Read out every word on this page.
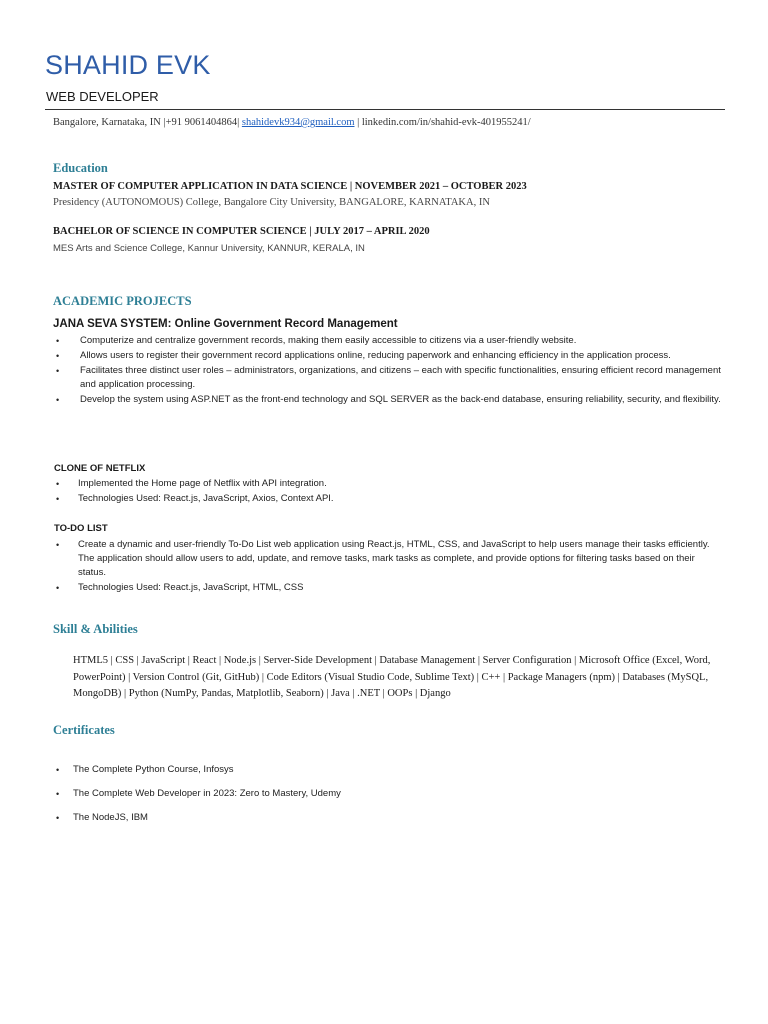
SHAHID EVK
WEB DEVELOPER
Bangalore, Karnataka, IN |+91 9061404864| shahidevk934@gmail.com | linkedin.com/in/shahid-evk-401955241/
Education
MASTER OF COMPUTER APPLICATION IN DATA SCIENCE | NOVEMBER 2021 – OCTOBER 2023
Presidency (AUTONOMOUS) College, Bangalore City University, BANGALORE, KARNATAKA, IN
BACHELOR OF SCIENCE IN COMPUTER SCIENCE | JULY 2017 – APRIL 2020
MES Arts and Science College, Kannur University, KANNUR, KERALA, IN
ACADEMIC PROJECTS
JANA SEVA SYSTEM: Online Government Record Management
• Computerize and centralize government records, making them easily accessible to citizens via a user-friendly website.
• Allows users to register their government record applications online, reducing paperwork and enhancing efficiency in the application process.
• Facilitates three distinct user roles – administrators, organizations, and citizens – each with specific functionalities, ensuring efficient record management and application processing.
• Develop the system using ASP.NET as the front-end technology and SQL SERVER as the back-end database, ensuring reliability, security, and flexibility.
CLONE OF NETFLIX
• Implemented the Home page of Netflix with API integration.
• Technologies Used: React.js, JavaScript, Axios, Context API.
TO-DO LIST
• Create a dynamic and user-friendly To-Do List web application using React.js, HTML, CSS, and JavaScript to help users manage their tasks efficiently. The application should allow users to add, update, and remove tasks, mark tasks as complete, and provide options for filtering tasks based on their status.
• Technologies Used: React.js, JavaScript, HTML, CSS
Skill & Abilities
HTML5 | CSS | JavaScript | React | Node.js | Server-Side Development | Database Management | Server Configuration | Microsoft Office (Excel, Word, PowerPoint) | Version Control (Git, GitHub) | Code Editors (Visual Studio Code, Sublime Text) | C++ | Package Managers (npm) | Databases (MySQL, MongoDB) | Python (NumPy, Pandas, Matplotlib, Seaborn) | Java | .NET | OOPs | Django
Certificates
• The Complete Python Course, Infosys
• The Complete Web Developer in 2023: Zero to Mastery, Udemy
• The NodeJS, IBM
